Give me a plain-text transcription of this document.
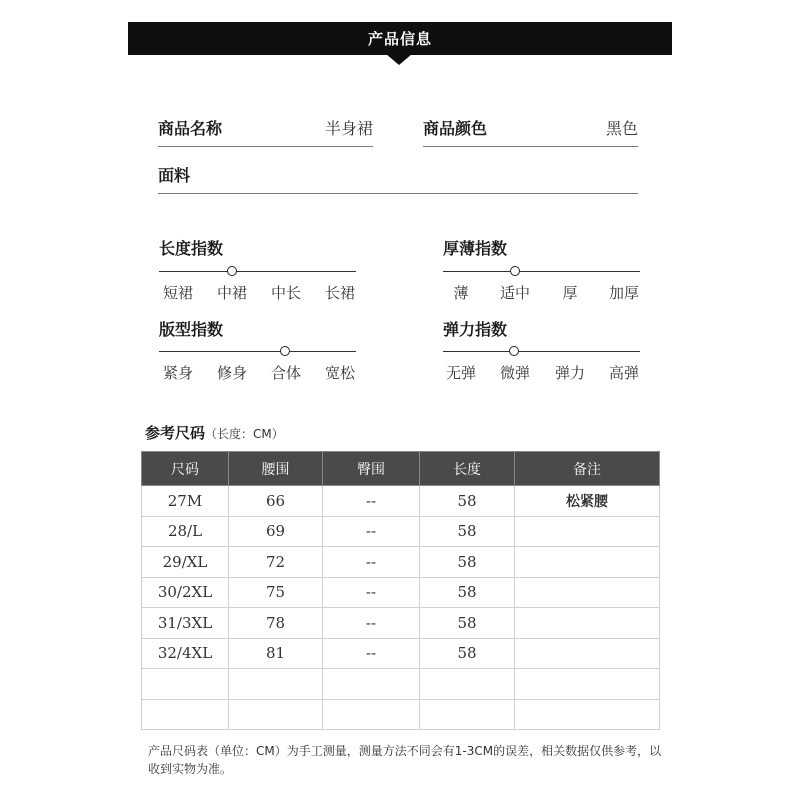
产品信息
商品名称	半身裙	商品颜色	黑色
面料
长度指数
短裙 中裙 中长 长裙
厚薄指数
薄 适中 厚 加厚
版型指数
紧身 修身 合体 宽松
弹力指数
无弹 微弹 弹力 高弹
参考尺码（长度：CM）
尺码	腰围	臀围	长度	备注
27M	66	--	58	松紧腰
28/L	69	--	58	
29/XL	72	--	58	
30/2XL	75	--	58	
31/3XL	78	--	58	
32/4XL	81	--	58	

产品尺码表（单位：CM）为手工测量，测量方法不同会有1-3CM的误差，相关数据仅供参考，以收到实物为准。
